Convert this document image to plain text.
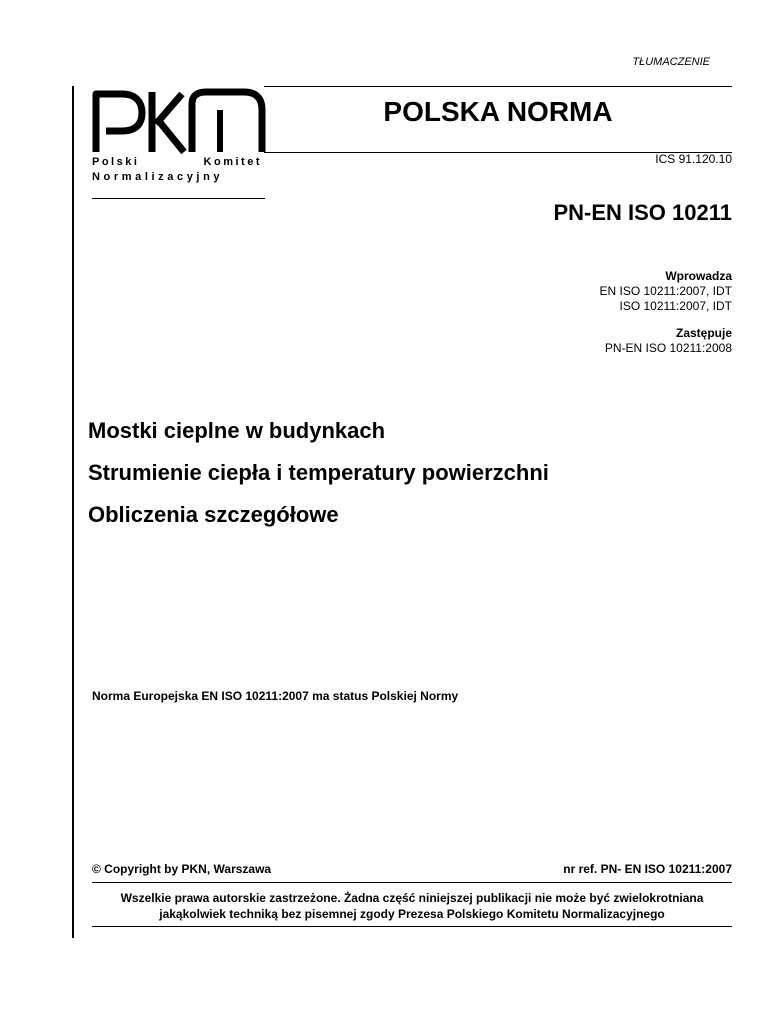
TŁUMACZENIE
Polski	Komitet
Normalizacyjny
POLSKA NORMA
ICS 91.120.10
PN-EN ISO 10211
Wprowadza
EN ISO 10211:2007, IDT
ISO 10211:2007, IDT
Zastępuje
PN-EN ISO 10211:2008
Mostki cieplne w budynkach
Strumienie ciepła i temperatury powierzchni
Obliczenia szczegółowe
Norma Europejska EN ISO 10211:2007 ma status Polskiej Normy
© Copyright by PKN, Warszawa	nr ref. PN- EN ISO 10211:2007
Wszelkie prawa autorskie zastrzeżone. Żadna część niniejszej publikacji nie może być zwielokrotniana
jakąkolwiek techniką bez pisemnej zgody Prezesa Polskiego Komitetu Normalizacyjnego
